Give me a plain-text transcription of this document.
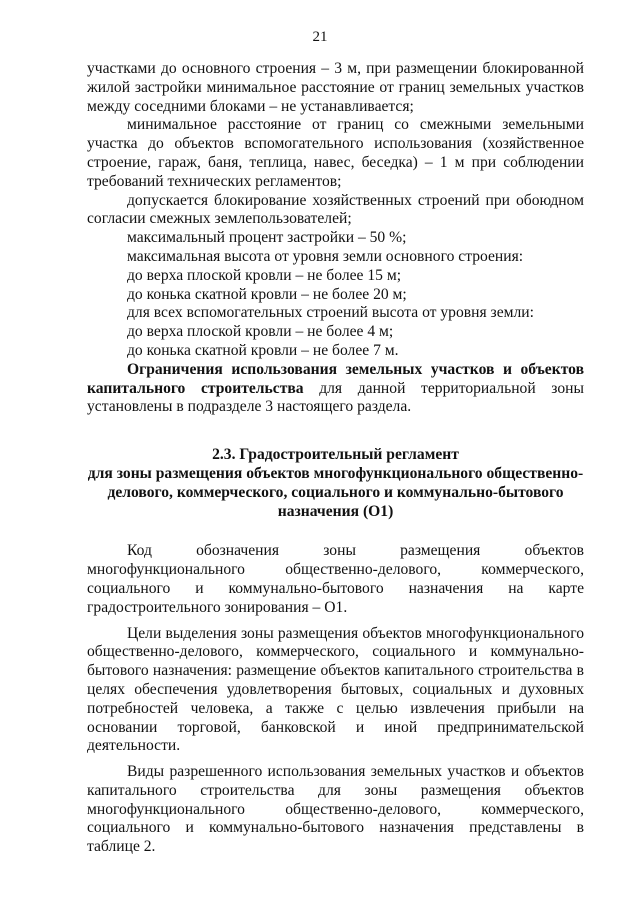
21

участками до основного строения – 3 м, при размещении блокированной жилой застройки минимальное расстояние от границ земельных участков между соседними блоками – не устанавливается;

минимальное расстояние от границ со смежными земельными участка до объектов вспомогательного использования (хозяйственное строение, гараж, баня, теплица, навес, беседка) – 1 м при соблюдении требований технических регламентов;

допускается блокирование хозяйственных строений при обоюдном согласии смежных землепользователей;

максимальный процент застройки – 50 %;

максимальная высота от уровня земли основного строения:

до верха плоской кровли – не более 15 м;

до конька скатной кровли – не более 20 м;

для всех вспомогательных строений высота от уровня земли:

до верха плоской кровли – не более 4 м;

до конька скатной кровли – не более 7 м.

Ограничения использования земельных участков и объектов капитального строительства для данной территориальной зоны установлены в подразделе 3 настоящего раздела.

2.3. Градостроительный регламент

для зоны размещения объектов многофункционального общественно-делового, коммерческого, социального и коммунально-бытового назначения (О1)

Код обозначения зоны размещения объектов многофункционального общественно-делового, коммерческого, социального и коммунально-бытового назначения на карте градостроительного зонирования – О1.

Цели выделения зоны размещения объектов многофункционального общественно-делового, коммерческого, социального и коммунально-бытового назначения: размещение объектов капитального строительства в целях обеспечения удовлетворения бытовых, социальных и духовных потребностей человека, а также с целью извлечения прибыли на основании торговой, банковской и иной предпринимательской деятельности.

Виды разрешенного использования земельных участков и объектов капитального строительства для зоны размещения объектов многофункционального общественно-делового, коммерческого, социального и коммунально-бытового назначения представлены в таблице 2.
